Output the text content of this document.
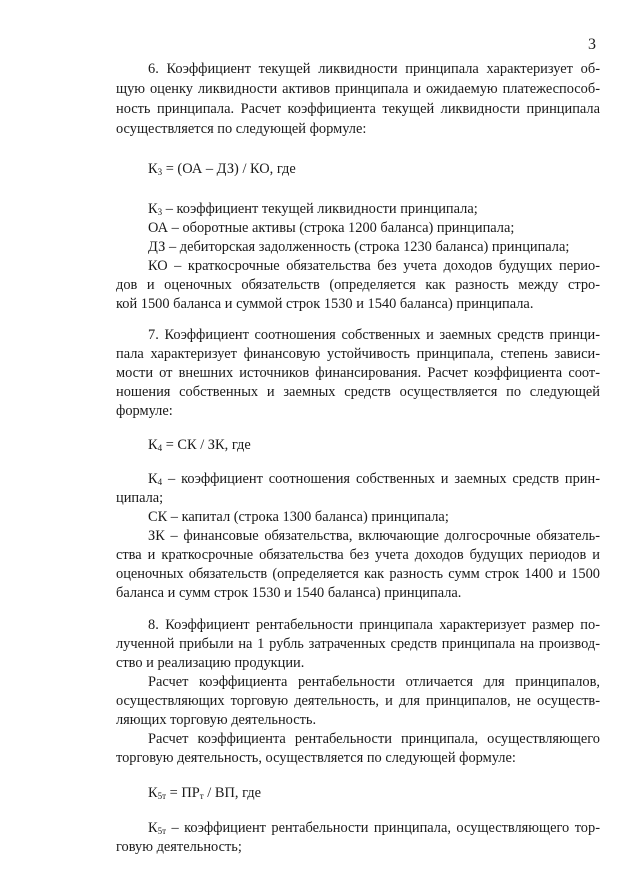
3
6. Коэффициент текущей ликвидности принципала характеризует об-
щую оценку ликвидности активов принципала и ожидаемую платежеспособ-
ность принципала. Расчет коэффициента текущей ликвидности принципала
осуществляется по следующей формуле:
$К_3 = (ОА - ДЗ)$ / КО, где
$К_3$ – коэффициент текущей ликвидности принципала;
ОА – оборотные активы (строка 1200 баланса) принципала;
ДЗ – дебиторская задолженность (строка 1230 баланса) принципала;
КО – краткосрочные обязательства без учета доходов будущих перио-
дов и оценочных обязательств (определяется как разность между стро-
кой 1500 баланса и суммой строк 1530 и 1540 баланса) принципала.
7. Коэффициент соотношения собственных и заемных средств принци-
пала характеризует финансовую устойчивость принципала, степень зависи-
мости от внешних источников финансирования. Расчет коэффициента соот-
ношения собственных и заемных средств осуществляется по следующей
формуле:
$К_4$ = СК / ЗК, где
$К_4$ – коэффициент соотношения собственных и заемных средств прин-
ципала;
СК – капитал (строка 1300 баланса) принципала;
ЗК – финансовые обязательства, включающие долгосрочные обязатель-
ства и краткосрочные обязательства без учета доходов будущих периодов и
оценочных обязательств (определяется как разность сумм строк 1400 и 1500
баланса и сумм строк 1530 и 1540 баланса) принципала.
8. Коэффициент рентабельности принципала характеризует размер по-
лученной прибыли на 1 рубль затраченных средств принципала на производ-
ство и реализацию продукции.
Расчет коэффициента рентабельности отличается для принципалов,
осуществляющих торговую деятельность, и для принципалов, не осуществ-
ляющих торговую деятельность.
Расчет коэффициента рентабельности принципала, осуществляющего
торговую деятельность, осуществляется по следующей формуле:
$К_{5т} = ПР_т$ / ВП, где
$К_{5т}$ – коэффициент рентабельности принципала, осуществляющего тор-
говую деятельность;
